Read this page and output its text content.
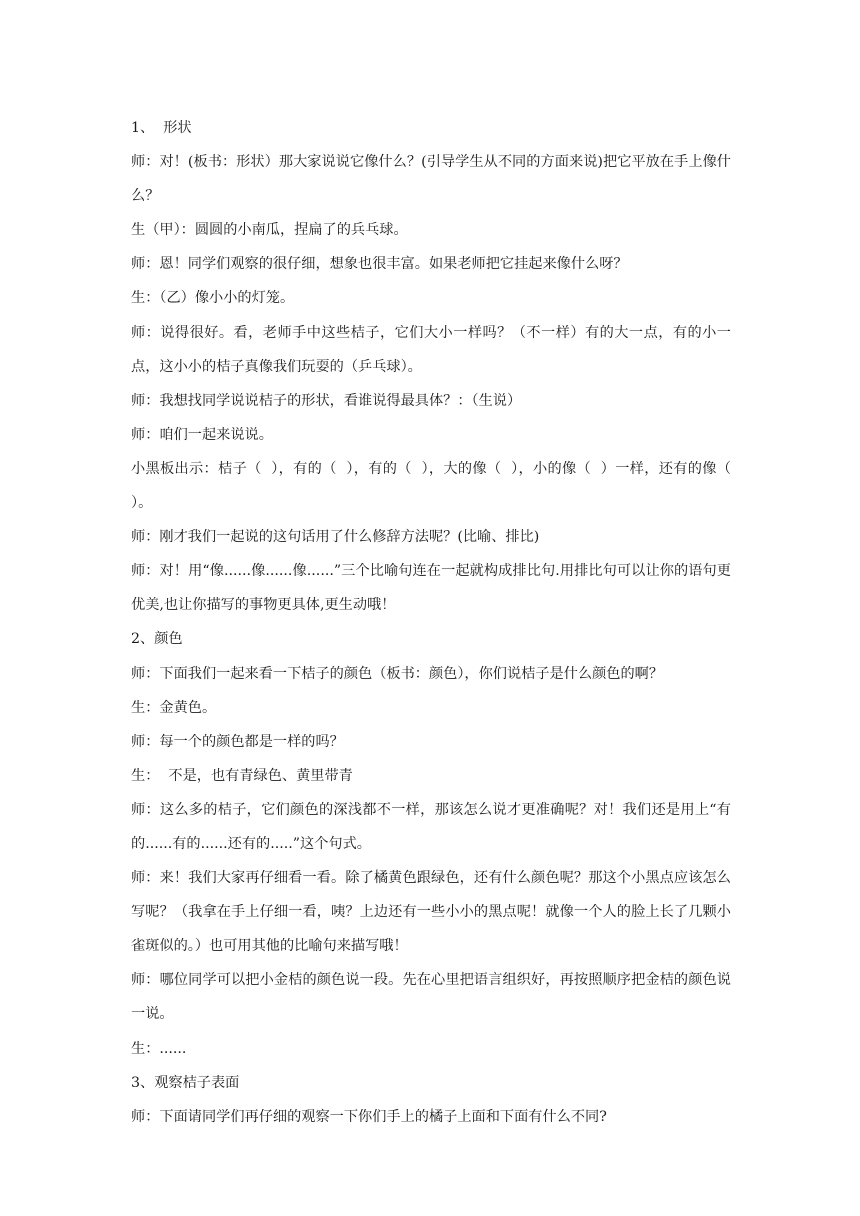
1、  形状

师：对！(板书：形状）那大家说说它像什么？(引导学生从不同的方面来说)把它平放在手上像什么？

生（甲）：圆圆的小南瓜，捏扁了的兵乓球。

师：恩！同学们观察的很仔细，想象也很丰富。如果老师把它挂起来像什么呀？

生：（乙）像小小的灯笼。

师：说得很好。看，老师手中这些桔子，它们大小一样吗？（不一样）有的大一点，有的小一点，这小小的桔子真像我们玩耍的（乒乓球）。

师：我想找同学说说桔子的形状，看谁说得最具体？：（生说）

师：咱们一起来说说。

小黑板出示：桔子（  ），有的（  ），有的（  ），大的像（  ），小的像（  ）一样，还有的像（  ）。

师：刚才我们一起说的这句话用了什么修辞方法呢？(比喻、排比)

师：对！用“像......像......像......”三个比喻句连在一起就构成排比句.用排比句可以让你的语句更优美,也让你描写的事物更具体,更生动哦！

2、颜色

师：下面我们一起来看一下桔子的颜色（板书：颜色），你们说桔子是什么颜色的啊？

生：金黄色。

师：每一个的颜色都是一样的吗？

生：  不是，也有青绿色、黄里带青

师：这么多的桔子，它们颜色的深浅都不一样，那该怎么说才更准确呢？对！我们还是用上“有的......有的......还有的.....”这个句式。

师：来！我们大家再仔细看一看。除了橘黄色跟绿色，还有什么颜色呢？那这个小黑点应该怎么写呢？（我拿在手上仔细一看，咦？上边还有一些小小的黑点呢！就像一个人的脸上长了几颗小雀斑似的。）也可用其他的比喻句来描写哦！

师：哪位同学可以把小金桔的颜色说一段。先在心里把语言组织好，再按照顺序把金桔的颜色说一说。

生：......

3、观察桔子表面

师：下面请同学们再仔细的观察一下你们手上的橘子上面和下面有什么不同?
